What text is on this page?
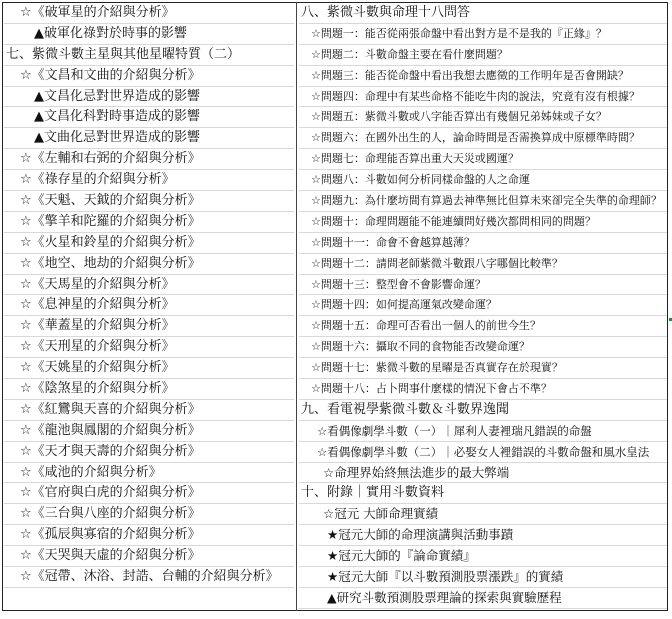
☆《破軍星的介紹與分析》
▲破軍化祿對於時事的影響
七、紫微斗數主星與其他星曜特質（二）
☆《文昌和文曲的介紹與分析》
▲文昌化忌對世界造成的影響
▲文昌化科對時事造成的影響
▲文曲化忌對世界造成的影響
☆《左輔和右弼的介紹與分析》
☆《祿存星的介紹與分析》
☆《天魁、天鉞的介紹與分析》
☆《擎羊和陀羅的介紹與分析》
☆《火星和鈴星的介紹與分析》
☆《地空、地劫的介紹與分析》
☆《天馬星的介紹與分析》
☆《息神星的介紹與分析》
☆《華蓋星的介紹與分析》
☆《天刑星的介紹與分析》
☆《天姚星的介紹與分析》
☆《陰煞星的介紹與分析》
☆《紅鸞與天喜的介紹與分析》
☆《龍池與鳳閣的介紹與分析》
☆《天才與天壽的介紹與分析》
☆《咸池的介紹與分析》
☆《官府與白虎的介紹與分析》
☆《三台與八座的介紹與分析》
☆《孤辰與寡宿的介紹與分析》
☆《天哭與天虛的介紹與分析》
☆《冠帶、沐浴、封誥、台輔的介紹與分析》
八、紫微斗數與命理十八問答
☆問題一：能否從兩張命盤中看出對方是不是我的『正緣』？
☆問題二：斗數命盤主要在看什麼問題？
☆問題三：能否從命盤中看出我想去應徵的工作明年是否會開缺？
☆問題四：命理中有某些命格不能吃牛肉的說法，究竟有沒有根據？
☆問題五：紫微斗數或八字能否算出有幾個兄弟姊妹或子女？
☆問題六：在國外出生的人，論命時間是否需換算成中原標準時間？
☆問題七：命理能否算出重大天災或國運？
☆問題八：斗數如何分析同樣命盤的人之命運
☆問題九：為什麼坊間有算過去神準無比但算未來卻完全失準的命理師？
☆問題十：命理問題能不能連續問好幾次都問相同的問題？
☆問題十一：命會不會越算越薄？
☆問題十二：請問老師紫微斗數跟八字哪個比較準？
☆問題十三：整型會不會影響命運？
☆問題十四：如何提高運氣改變命運？
☆問題十五：命理可否看出一個人的前世今生？
☆問題十六：攝取不同的食物能否改變命運？
☆問題十七：紫微斗數的星曜是否真實存在於現實？
☆問題十八：占卜問事什麼樣的情況下會占不準？
九、看電視學紫微斗數＆斗數界逸聞
☆看偶像劇學斗數（一）｜犀利人妻裡瑞凡錯誤的命盤
☆看偶像劇學斗數（二）｜必娶女人裡錯誤的斗數命盤和風水皇法
☆命理界始終無法進步的最大弊端
十、附錄｜實用斗數資料
☆冠元 大師命理實績
★冠元大師的命理演講與活動事蹟
★冠元大師的『論命實績』
★冠元大師『以斗數預測股票漲跌』的實績
▲研究斗數預測股票理論的探索與實驗歷程
